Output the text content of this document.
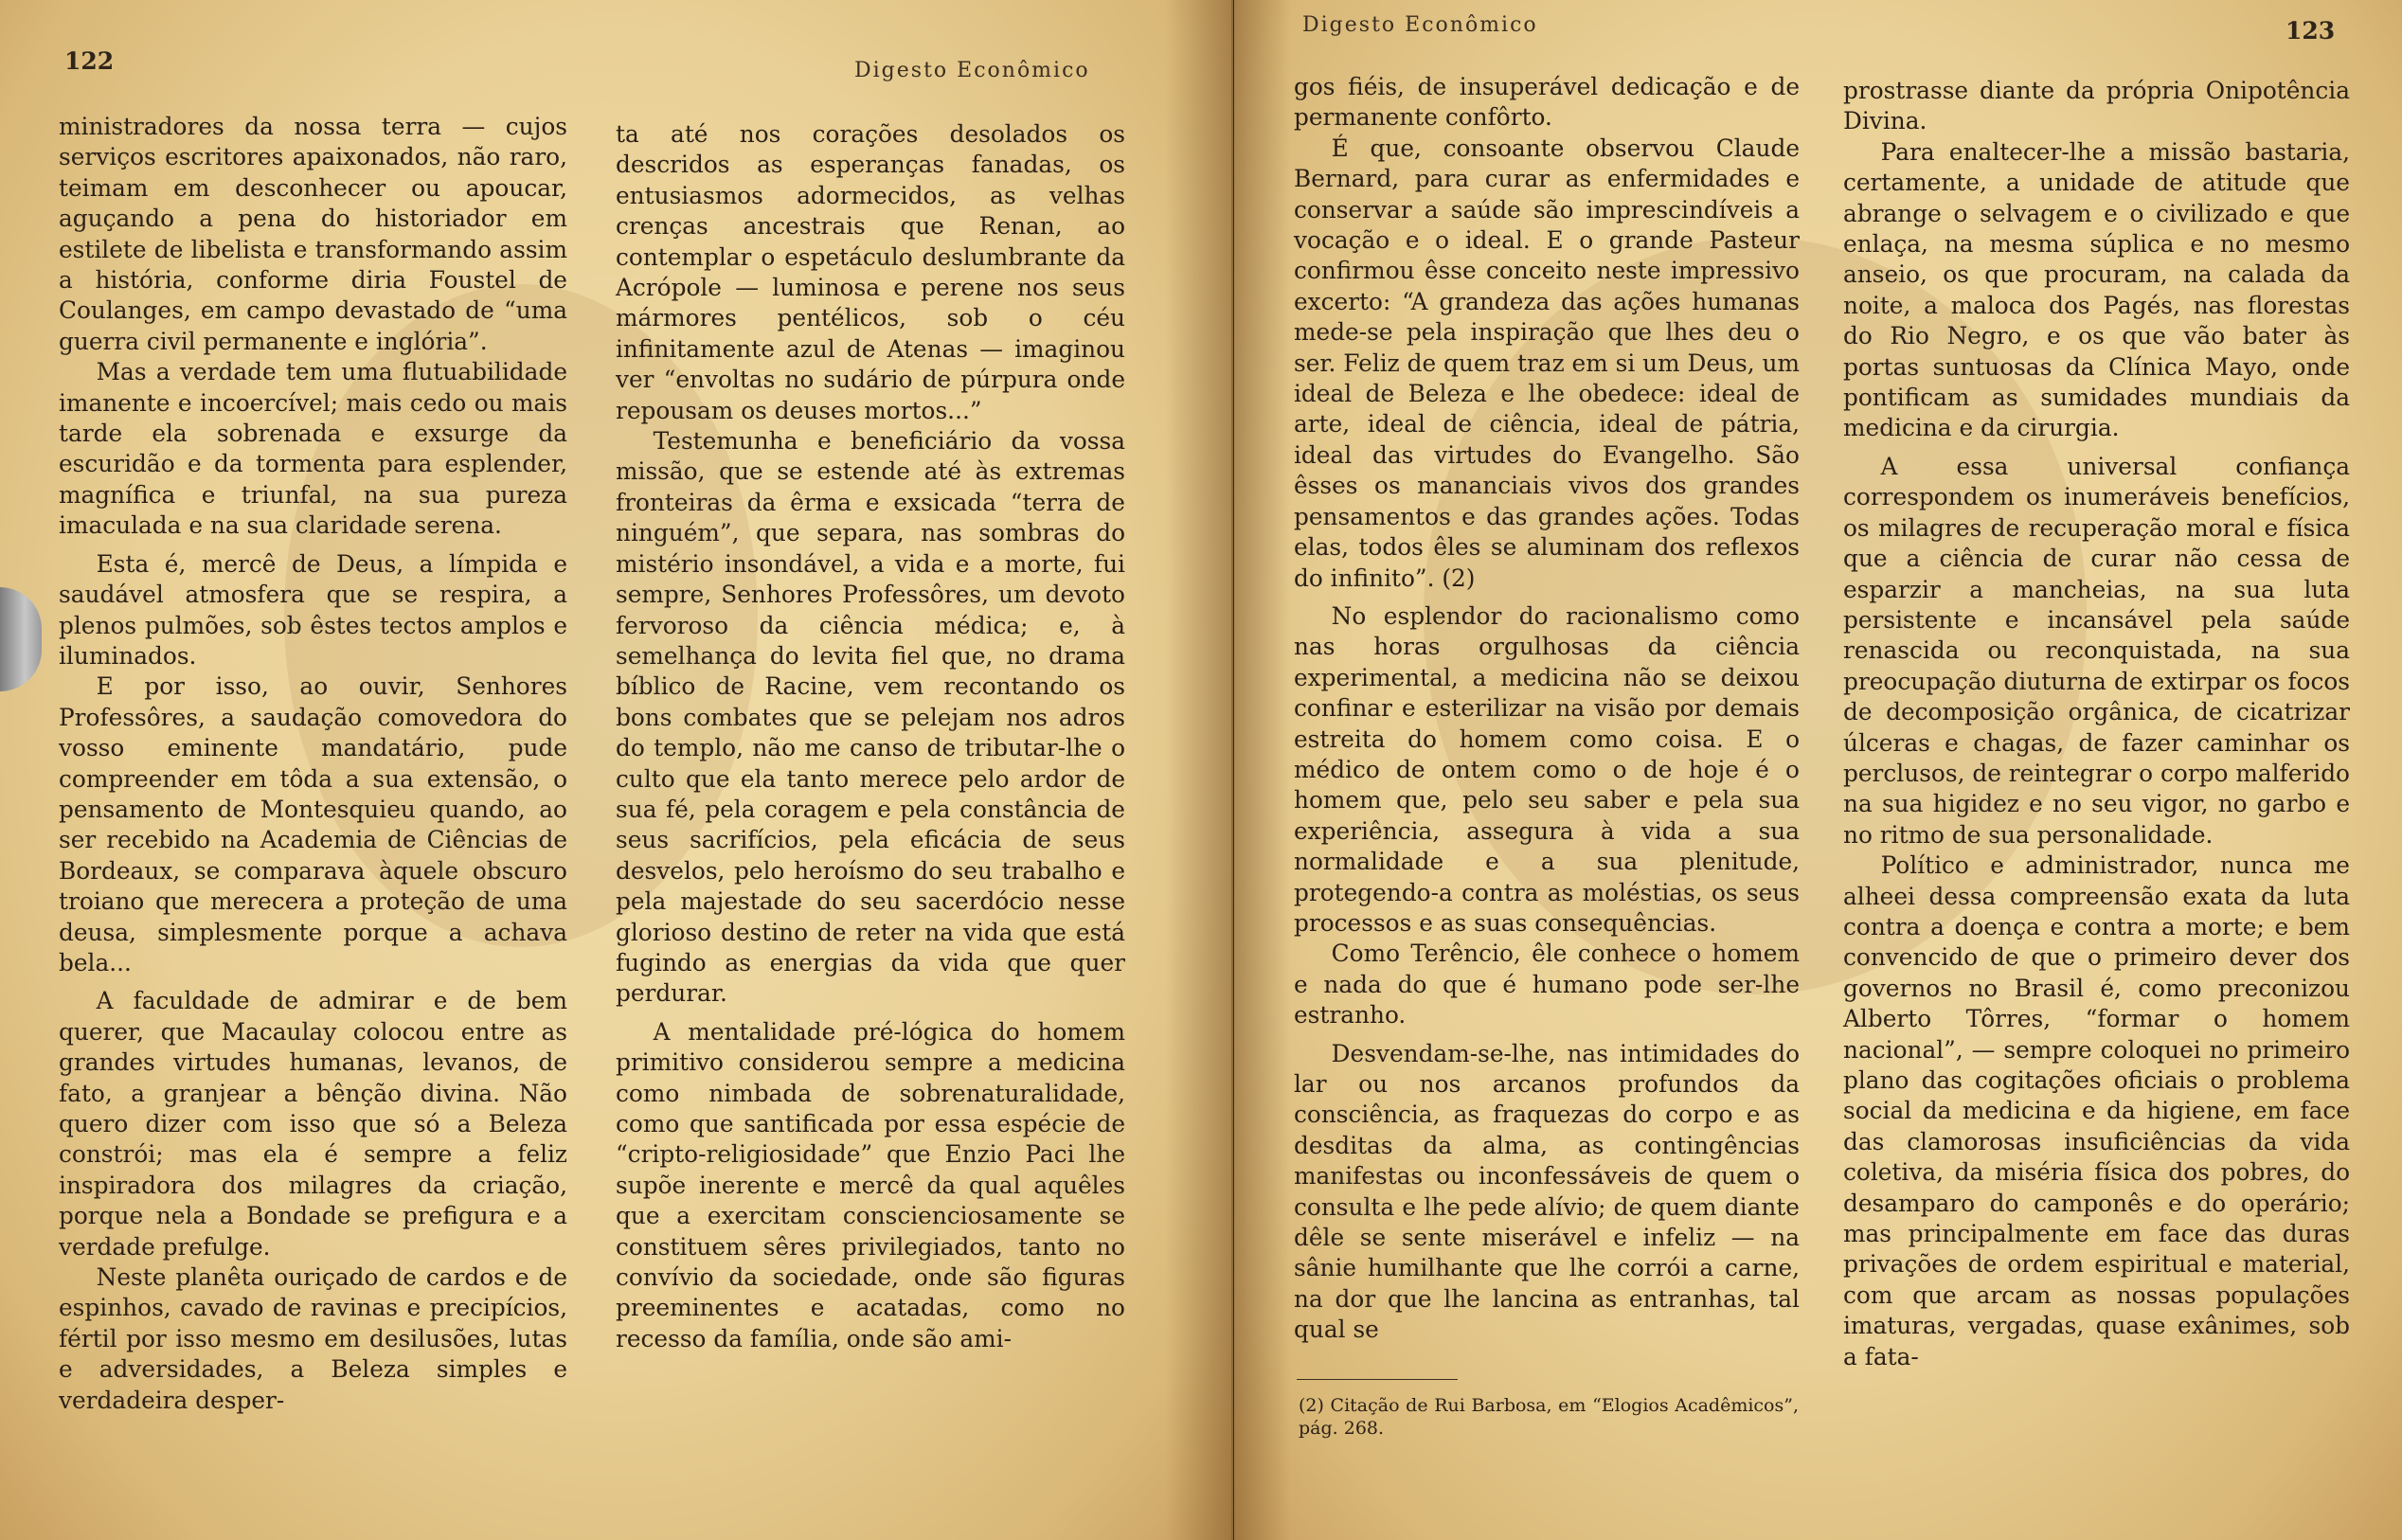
122	Digesto Econômico

ministradores da nossa terra — cujos serviços escritores apaixonados, não raro, teimam em desconhecer ou apoucar, aguçando a pena do historiador em estilete de libelista e transformando assim a história, conforme diria Foustel de Coulanges, em campo devastado de “uma guerra civil permanente e inglória”.

Mas a verdade tem uma flutuabilidade imanente e incoercível; mais cedo ou mais tarde ela sobrenada e exsurge da escuridão e da tormenta para esplender, magnífica e triunfal, na sua pureza imaculada e na sua claridade serena.

Esta é, mercê de Deus, a límpida e saudável atmosfera que se respira, a plenos pulmões, sob êstes tectos amplos e iluminados.

E por isso, ao ouvir, Senhores Professôres, a saudação comovedora do vosso eminente mandatário, pude compreender em tôda a sua extensão, o pensamento de Montesquieu quando, ao ser recebido na Academia de Ciências de Bordeaux, se comparava àquele obscuro troiano que merecera a proteção de uma deusa, simplesmente porque a achava bela...

A faculdade de admirar e de bem querer, que Macaulay colocou entre as grandes virtudes humanas, levanos, de fato, a granjear a bênção divina. Não quero dizer com isso que só a Beleza constrói; mas ela é sempre a feliz inspiradora dos milagres da criação, porque nela a Bondade se prefigura e a verdade prefulge.

Neste planêta ouriçado de cardos e de espinhos, cavado de ravinas e precipícios, fértil por isso mesmo em desilusões, lutas e adversidades, a Beleza simples e verdadeira desper-

ta até nos corações desolados os descridos as esperanças fanadas, os entusiasmos adormecidos, as velhas crenças ancestrais que Renan, ao contemplar o espetáculo deslumbrante da Acrópole — luminosa e perene nos seus mármores pentélicos, sob o céu infinitamente azul de Atenas — imaginou ver “envoltas no sudário de púrpura onde repousam os deuses mortos...”

Testemunha e beneficiário da vossa missão, que se estende até às extremas fronteiras da êrma e exsicada “terra de ninguém”, que separa, nas sombras do mistério insondável, a vida e a morte, fui sempre, Senhores Professôres, um devoto fervoroso da ciência médica; e, à semelhança do levita fiel que, no drama bíblico de Racine, vem recontando os bons combates que se pelejam nos adros do templo, não me canso de tributar-lhe o culto que ela tanto merece pelo ardor de sua fé, pela coragem e pela constância de seus sacrifícios, pela eficácia de seus desvelos, pelo heroísmo do seu trabalho e pela majestade do seu sacerdócio nesse glorioso destino de reter na vida que está fugindo as energias da vida que quer perdurar.

A mentalidade pré-lógica do homem primitivo considerou sempre a medicina como nimbada de sobrenaturalidade, como que santificada por essa espécie de “cripto-religiosidade” que Enzio Paci lhe supõe inerente e mercê da qual aquêles que a exercitam conscienciosamente se constituem sêres privilegiados, tanto no convívio da sociedade, onde são figuras preeminentes e acatadas, como no recesso da família, onde são ami-

Digesto Econômico	123

gos fiéis, de insuperável dedicação e de permanente confôrto.

É que, consoante observou Claude Bernard, para curar as enfermidades e conservar a saúde são imprescindíveis a vocação e o ideal. E o grande Pasteur confirmou êsse conceito neste impressivo excerto: “A grandeza das ações humanas mede-se pela inspiração que lhes deu o ser. Feliz de quem traz em si um Deus, um ideal de Beleza e lhe obedece: ideal de arte, ideal de ciência, ideal de pátria, ideal das virtudes do Evangelho. São êsses os mananciais vivos dos grandes pensamentos e das grandes ações. Todas elas, todos êles se aluminam dos reflexos do infinito”. (2)

No esplendor do racionalismo como nas horas orgulhosas da ciência experimental, a medicina não se deixou confinar e esterilizar na visão por demais estreita do homem como coisa. E o médico de ontem como o de hoje é o homem que, pelo seu saber e pela sua experiência, assegura à vida a sua normalidade e a sua plenitude, protegendo-a contra as moléstias, os seus processos e as suas consequências.

Como Terêncio, êle conhece o homem e nada do que é humano pode ser-lhe estranho.

Desvendam-se-lhe, nas intimidades do lar ou nos arcanos profundos da consciência, as fraquezas do corpo e as desditas da alma, as contingências manifestas ou inconfessáveis de quem o consulta e lhe pede alívio; de quem diante dêle se sente miserável e infeliz — na sânie humilhante que lhe corrói a carne, na dor que lhe lancina as entranhas, tal qual se

(2) Citação de Rui Barbosa, em “Elogios Acadêmicos”, pág. 268.

prostrasse diante da própria Onipotência Divina.

Para enaltecer-lhe a missão bastaria, certamente, a unidade de atitude que abrange o selvagem e o civilizado e que enlaça, na mesma súplica e no mesmo anseio, os que procuram, na calada da noite, a maloca dos Pagés, nas florestas do Rio Negro, e os que vão bater às portas suntuosas da Clínica Mayo, onde pontificam as sumidades mundiais da medicina e da cirurgia.

A essa universal confiança correspondem os inumeráveis benefícios, os milagres de recuperação moral e física que a ciência de curar não cessa de esparzir a mancheias, na sua luta persistente e incansável pela saúde renascida ou reconquistada, na sua preocupação diuturna de extirpar os focos de decomposição orgânica, de cicatrizar úlceras e chagas, de fazer caminhar os perclusos, de reintegrar o corpo malferido na sua higidez e no seu vigor, no garbo e no ritmo de sua personalidade.

Político e administrador, nunca me alheei dessa compreensão exata da luta contra a doença e contra a morte; e bem convencido de que o primeiro dever dos governos no Brasil é, como preconizou Alberto Tôrres, “formar o homem nacional”, — sempre coloquei no primeiro plano das cogitações oficiais o problema social da medicina e da higiene, em face das clamorosas insuficiências da vida coletiva, da miséria física dos pobres, do desamparo do camponês e do operário; mas principalmente em face das duras privações de ordem espiritual e material, com que arcam as nossas populações imaturas, vergadas, quase exânimes, sob a fata-
